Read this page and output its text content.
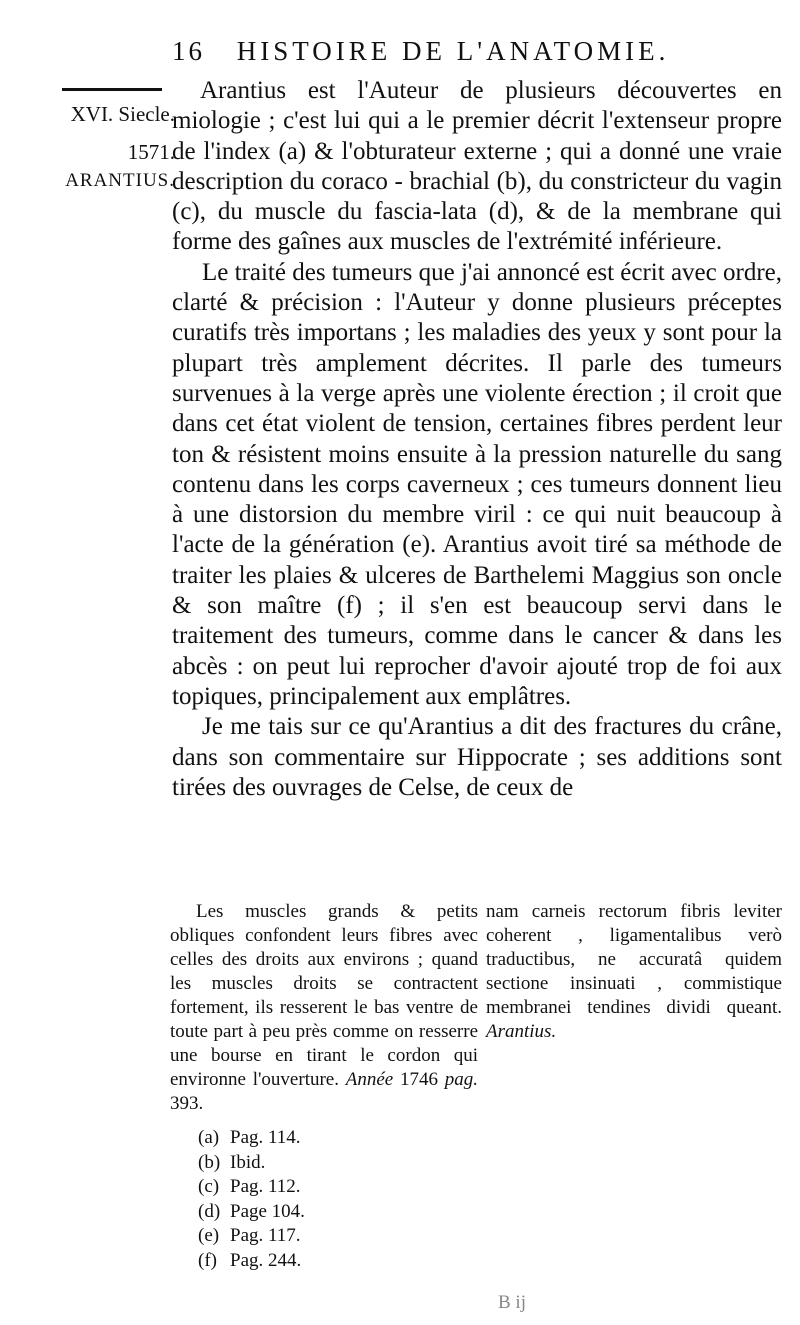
16 HISTOIRE DE L'ANATOMIE.
XVI. Siecle.
1571.
ARANTIUS.

Arantius est l'Auteur de plusieurs découvertes en miologie ; c'est lui qui a le premier décrit l'extenseur propre de l'index (a) & l'obturateur externe ; qui a donné une vraie description du coraco - brachial (b), du constricteur du vagin (c), du muscle du fascia-lata (d), & de la membrane qui forme des gaînes aux muscles de l'extrémité inférieure.

Le traité des tumeurs que j'ai annoncé est écrit avec ordre, clarté & précision : l'Auteur y donne plusieurs préceptes curatifs très importans ; les maladies des yeux y sont pour la plupart très amplement décrites. Il parle des tumeurs survenues à la verge après une violente érection ; il croit que dans cet état violent de tension, certaines fibres perdent leur ton & résistent moins ensuite à la pression naturelle du sang contenu dans les corps caverneux ; ces tumeurs donnent lieu à une distorsion du membre viril : ce qui nuit beaucoup à l'acte de la génération (e). Arantius avoit tiré sa méthode de traiter les plaies & ulceres de Barthelemi Maggius son oncle & son maître (f) ; il s'en est beaucoup servi dans le traitement des tumeurs, comme dans le cancer & dans les abcès : on peut lui reprocher d'avoir ajouté trop de foi aux topiques, principalement aux emplâtres.

Je me tais sur ce qu'Arantius a dit des fractures du crâne, dans son commentaire sur Hippocrate ; ses additions sont tirées des ouvrages de Celse, de ceux de

Les muscles grands & petits obliques confondent leurs fibres avec celles des droits aux environs ; quand les muscles droits se contractent fortement, ils resserent le bas ventre de toute part à peu près comme on resserre une bourse en tirant le cordon qui environne l'ouverture. Année 1746 pag. 393.

nam carneis rectorum fibris leviter coherent , ligamentalibus verò traductibus, ne accuratâ quidem sectione insinuati , commistique membranei tendines dividi queant. Arantius.

(a) Pag. 114.
(b) Ibid.
(c) Pag. 112.
(d) Page 104.
(e) Pag. 117.
(f) Pag. 244.
B ij
